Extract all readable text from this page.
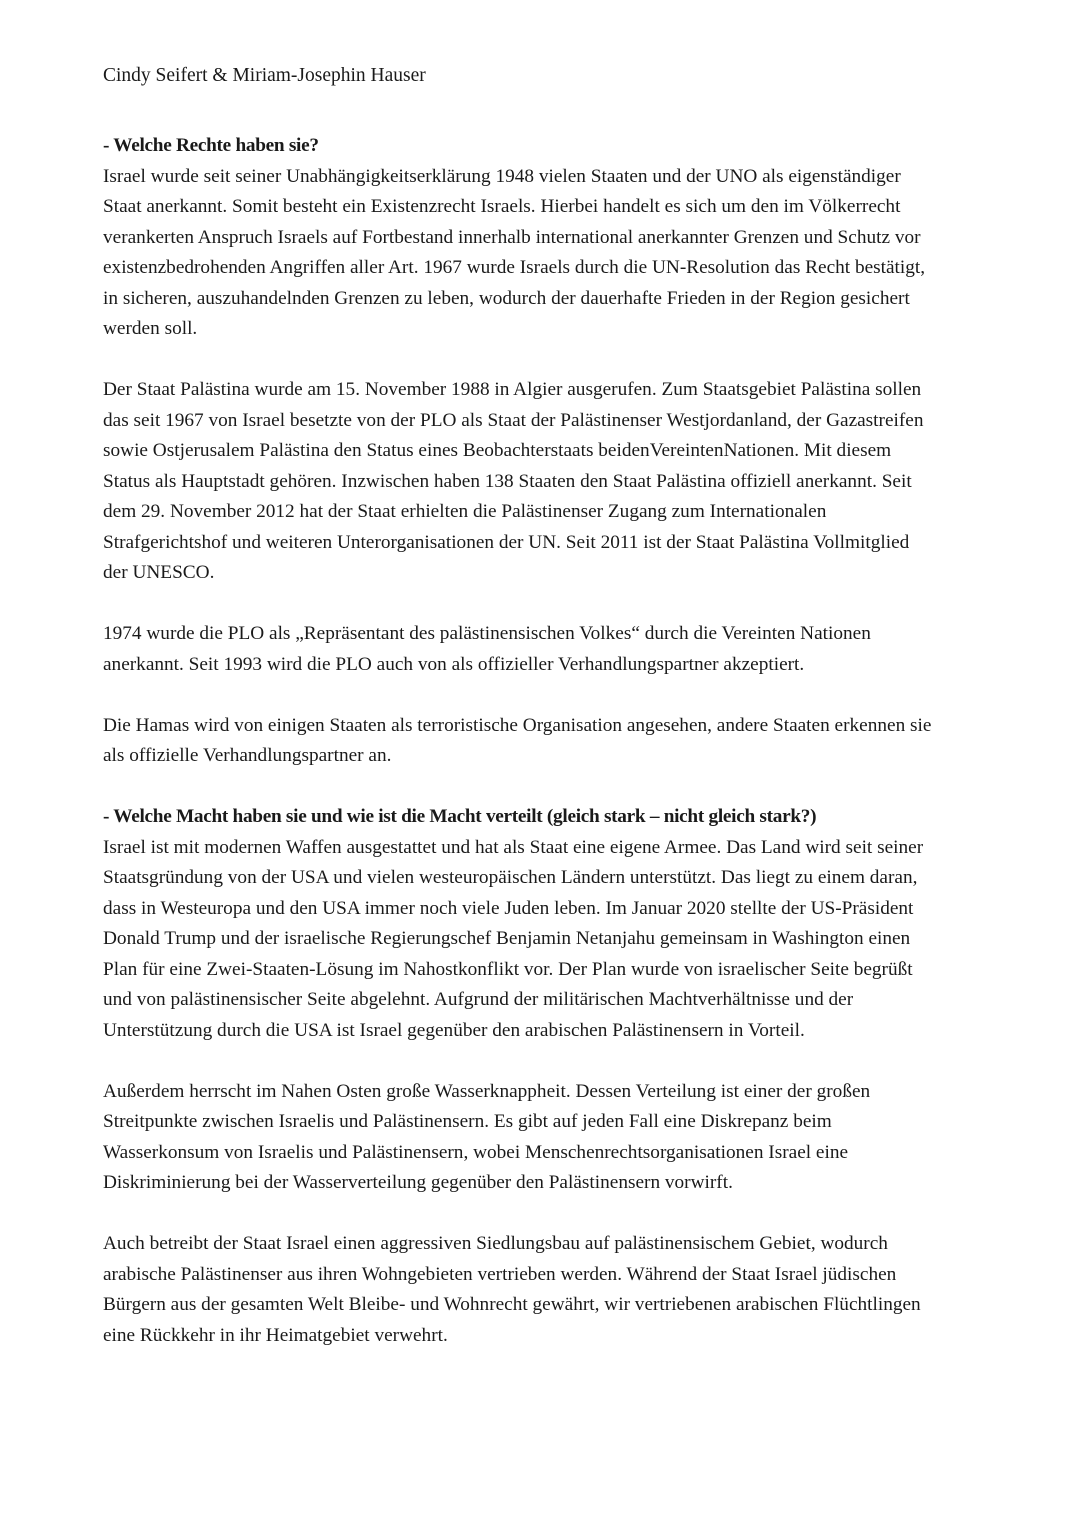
Cindy Seifert & Miriam-Josephin Hauser
- Welche Rechte haben sie?
Israel wurde seit seiner Unabhängigkeitserklärung 1948 vielen Staaten und der UNO als eigenständiger
Staat anerkannt. Somit besteht ein Existenzrecht Israels. Hierbei handelt es sich um den im Völkerrecht
verankerten Anspruch Israels auf Fortbestand innerhalb international anerkannter Grenzen und Schutz vor
existenzbedrohenden Angriffen aller Art. 1967 wurde Israels durch die UN-Resolution das Recht bestätigt,
in sicheren, auszuhandelnden Grenzen zu leben, wodurch der dauerhafte Frieden in der Region gesichert
werden soll.
Der Staat Palästina wurde am 15. November 1988 in Algier ausgerufen. Zum Staatsgebiet Palästina sollen
das seit 1967 von Israel besetzte von der PLO als Staat der Palästinenser Westjordanland, der Gazastreifen
sowie Ostjerusalem Palästina den Status eines Beobachterstaats beidenVereintenNationen. Mit diesem
Status als Hauptstadt gehören. Inzwischen haben 138 Staaten den Staat Palästina offiziell anerkannt. Seit
dem 29. November 2012 hat der Staat erhielten die Palästinenser Zugang zum Internationalen
Strafgerichtshof und weiteren Unterorganisationen der UN. Seit 2011 ist der Staat Palästina Vollmitglied
der UNESCO.
1974 wurde die PLO als „Repräsentant des palästinensischen Volkes“ durch die Vereinten Nationen
anerkannt. Seit 1993 wird die PLO auch von als offizieller Verhandlungspartner akzeptiert.
Die Hamas wird von einigen Staaten als terroristische Organisation angesehen, andere Staaten erkennen sie
als offizielle Verhandlungspartner an.
- Welche Macht haben sie und wie ist die Macht verteilt (gleich stark – nicht gleich stark?)
Israel ist mit modernen Waffen ausgestattet und hat als Staat eine eigene Armee. Das Land wird seit seiner
Staatsgründung von der USA und vielen westeuropäischen Ländern unterstützt. Das liegt zu einem daran,
dass in Westeuropa und den USA immer noch viele Juden leben. Im Januar 2020 stellte der US-Präsident
Donald Trump und der israelische Regierungschef Benjamin Netanjahu gemeinsam in Washington einen
Plan für eine Zwei-Staaten-Lösung im Nahostkonflikt vor. Der Plan wurde von israelischer Seite begrüßt
und von palästinensischer Seite abgelehnt. Aufgrund der militärischen Machtverhältnisse und der
Unterstützung durch die USA ist Israel gegenüber den arabischen Palästinensern in Vorteil.
Außerdem herrscht im Nahen Osten große Wasserknappheit. Dessen Verteilung ist einer der großen
Streitpunkte zwischen Israelis und Palästinensern. Es gibt auf jeden Fall eine Diskrepanz beim
Wasserkonsum von Israelis und Palästinensern, wobei Menschenrechtsorganisationen Israel eine
Diskriminierung bei der Wasserverteilung gegenüber den Palästinensern vorwirft.
Auch betreibt der Staat Israel einen aggressiven Siedlungsbau auf palästinensischem Gebiet, wodurch
arabische Palästinenser aus ihren Wohngebieten vertrieben werden. Während der Staat Israel jüdischen
Bürgern aus der gesamten Welt Bleibe- und Wohnrecht gewährt, wir vertriebenen arabischen Flüchtlingen
eine Rückkehr in ihr Heimatgebiet verwehrt.
